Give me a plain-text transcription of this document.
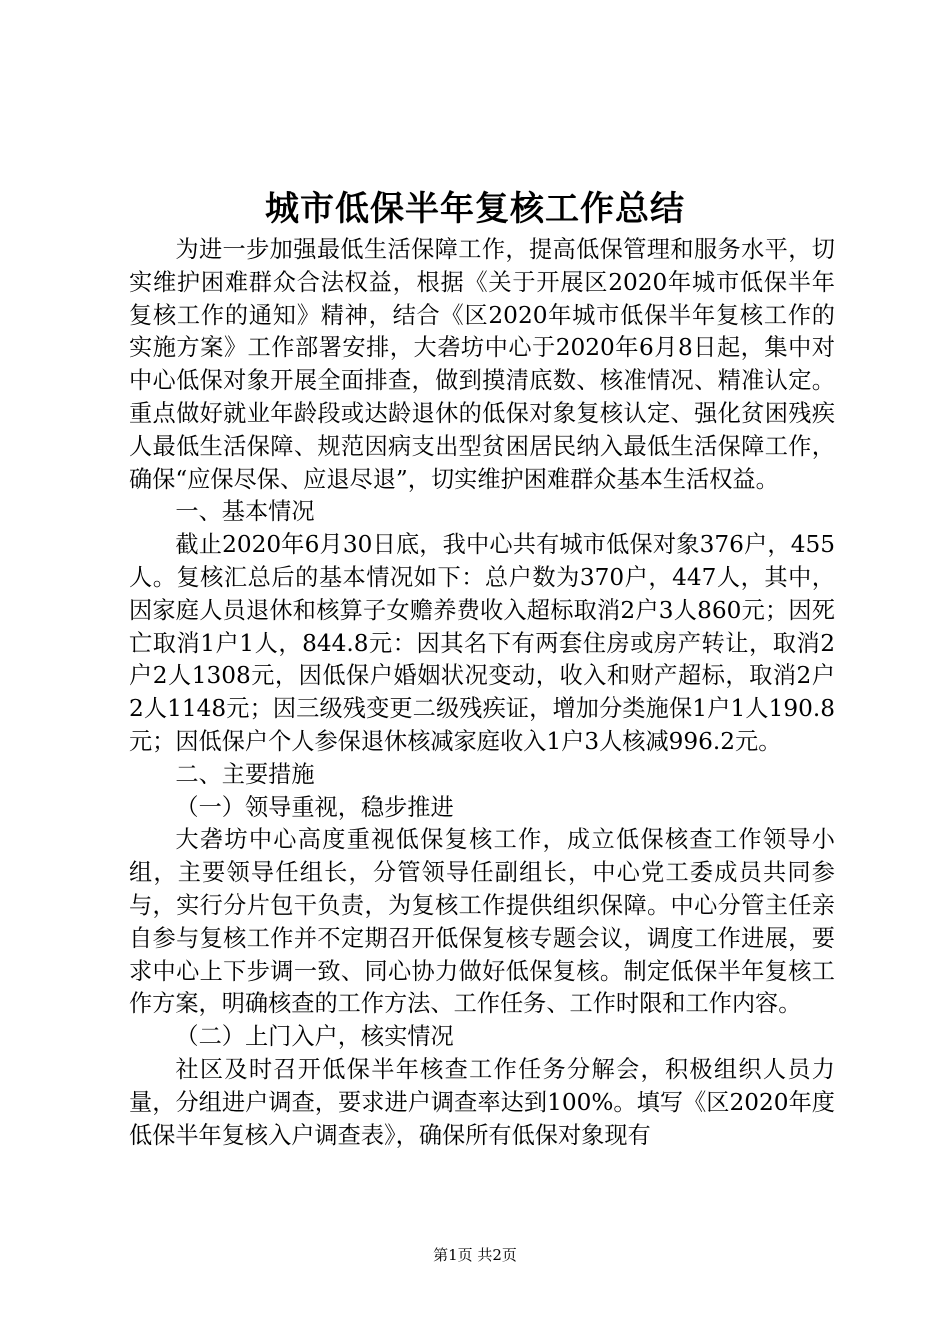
城市低保半年复核工作总结

为进一步加强最低生活保障工作，提高低保管理和服务水平，切实维护困难群众合法权益，根据《关于开展区2020年城市低保半年复核工作的通知》精神，结合《区2020年城市低保半年复核工作的实施方案》工作部署安排，大砻坊中心于2020年6月8日起，集中对中心低保对象开展全面排查，做到摸清底数、核准情况、精准认定。重点做好就业年龄段或达龄退休的低保对象复核认定、强化贫困残疾人最低生活保障、规范因病支出型贫困居民纳入最低生活保障工作，确保“应保尽保、应退尽退”，切实维护困难群众基本生活权益。

一、基本情况

截止2020年6月30日底，我中心共有城市低保对象376户，455人。复核汇总后的基本情况如下：总户数为370户，447人，其中，因家庭人员退休和核算子女赡养费收入超标取消2户3人860元；因死亡取消1户1人，844.8元：因其名下有两套住房或房产转让，取消2户2人1308元，因低保户婚姻状况变动，收入和财产超标，取消2户2人1148元；因三级残变更二级残疾证，增加分类施保1户1人190.8元；因低保户个人参保退休核减家庭收入1户3人核减996.2元。

二、主要措施

（一）领导重视，稳步推进

大砻坊中心高度重视低保复核工作，成立低保核查工作领导小组，主要领导任组长，分管领导任副组长，中心党工委成员共同参与，实行分片包干负责，为复核工作提供组织保障。中心分管主任亲自参与复核工作并不定期召开低保复核专题会议，调度工作进展，要求中心上下步调一致、同心协力做好低保复核。制定低保半年复核工作方案，明确核查的工作方法、工作任务、工作时限和工作内容。

（二）上门入户，核实情况

社区及时召开低保半年核查工作任务分解会，积极组织人员力量，分组进户调查，要求进户调查率达到100%。填写《区2020年度低保半年复核入户调查表》，确保所有低保对象现有

第1页 共2页
